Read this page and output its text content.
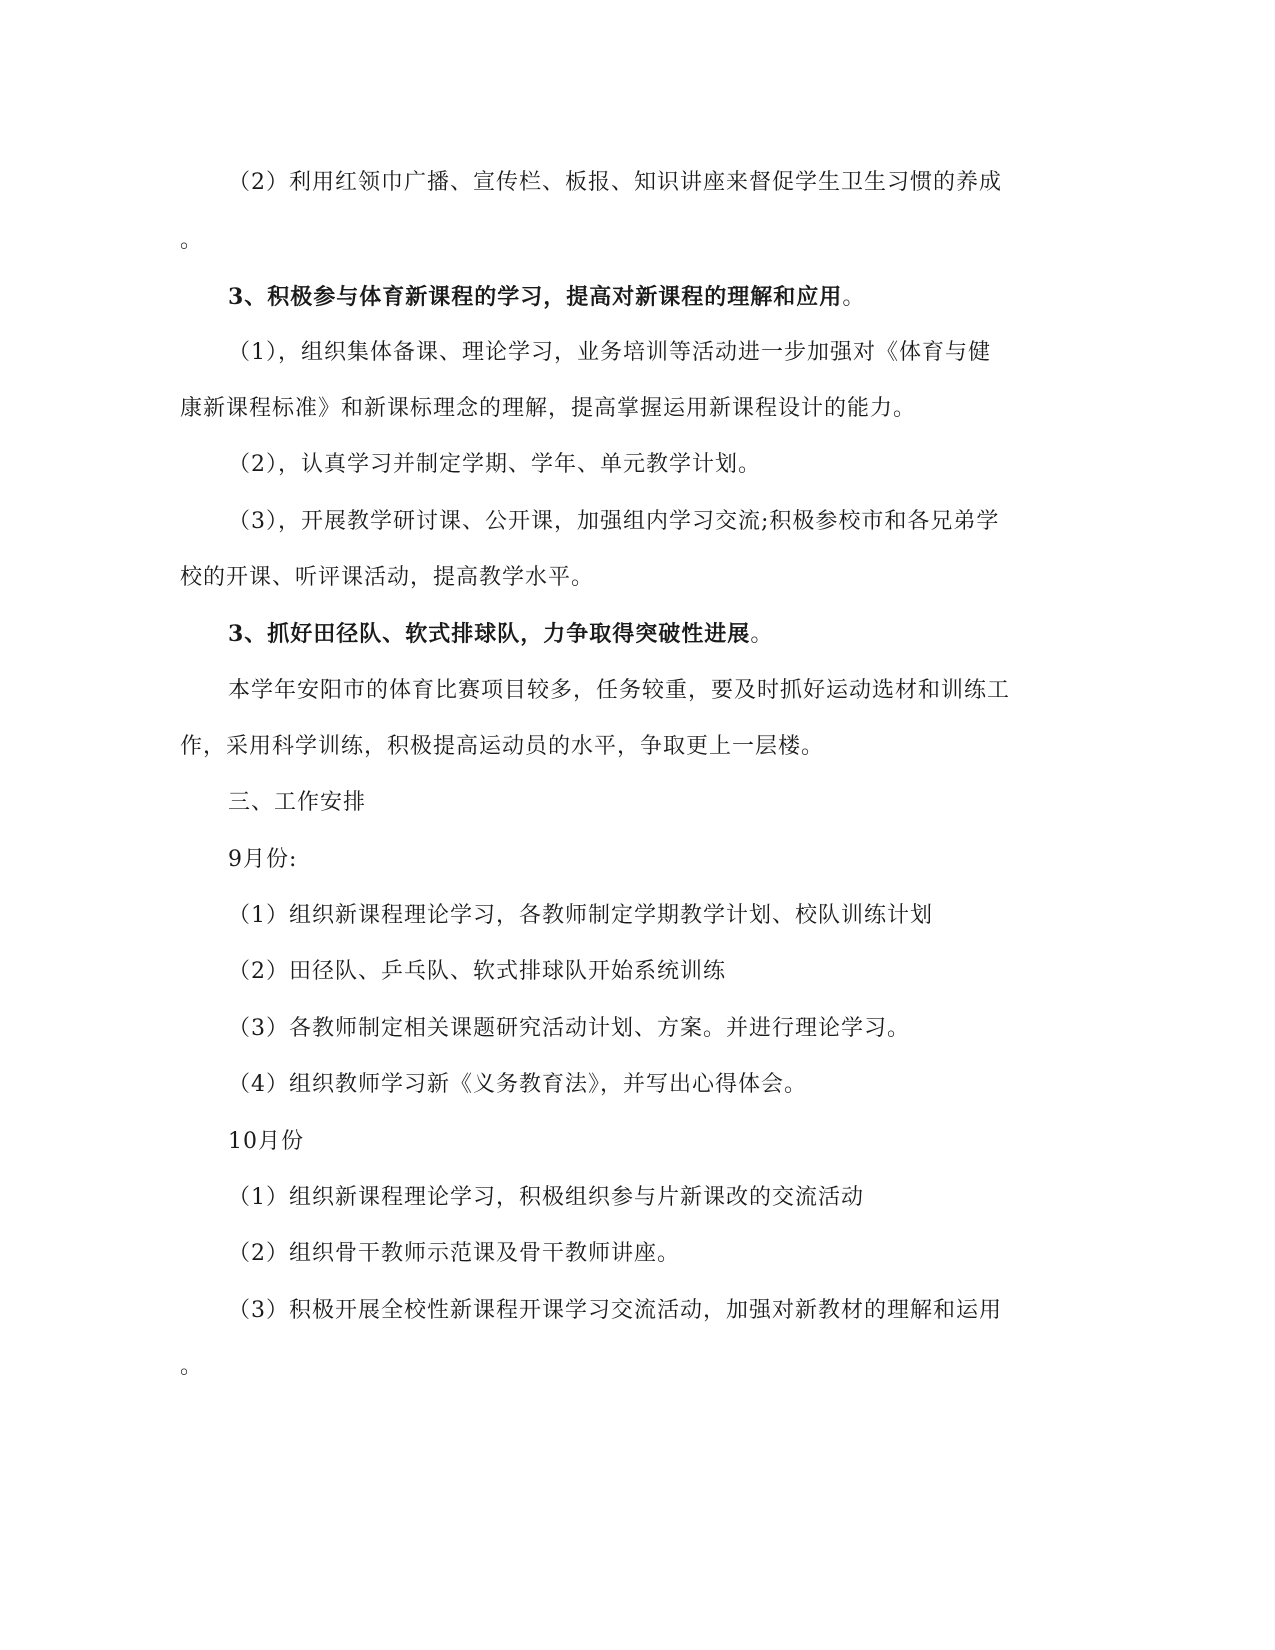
（2）利用红领巾广播、宣传栏、板报、知识讲座来督促学生卫生习惯的养成
。
3、积极参与体育新课程的学习，提高对新课程的理解和应用。
（1），组织集体备课、理论学习，业务培训等活动进一步加强对《体育与健
康新课程标准》和新课标理念的理解，提高掌握运用新课程设计的能力。
（2），认真学习并制定学期、学年、单元教学计划。
（3），开展教学研讨课、公开课，加强组内学习交流;积极参校市和各兄弟学
校的开课、听评课活动，提高教学水平。
3、抓好田径队、软式排球队，力争取得突破性进展。
本学年安阳市的体育比赛项目较多，任务较重，要及时抓好运动选材和训练工
作，采用科学训练，积极提高运动员的水平，争取更上一层楼。
三、工作安排
9月份:
（1）组织新课程理论学习，各教师制定学期教学计划、校队训练计划
（2）田径队、乒乓队、软式排球队开始系统训练
（3）各教师制定相关课题研究活动计划、方案。并进行理论学习。
（4）组织教师学习新《义务教育法》，并写出心得体会。
10月份
（1）组织新课程理论学习，积极组织参与片新课改的交流活动
（2）组织骨干教师示范课及骨干教师讲座。
（3）积极开展全校性新课程开课学习交流活动，加强对新教材的理解和运用
。
